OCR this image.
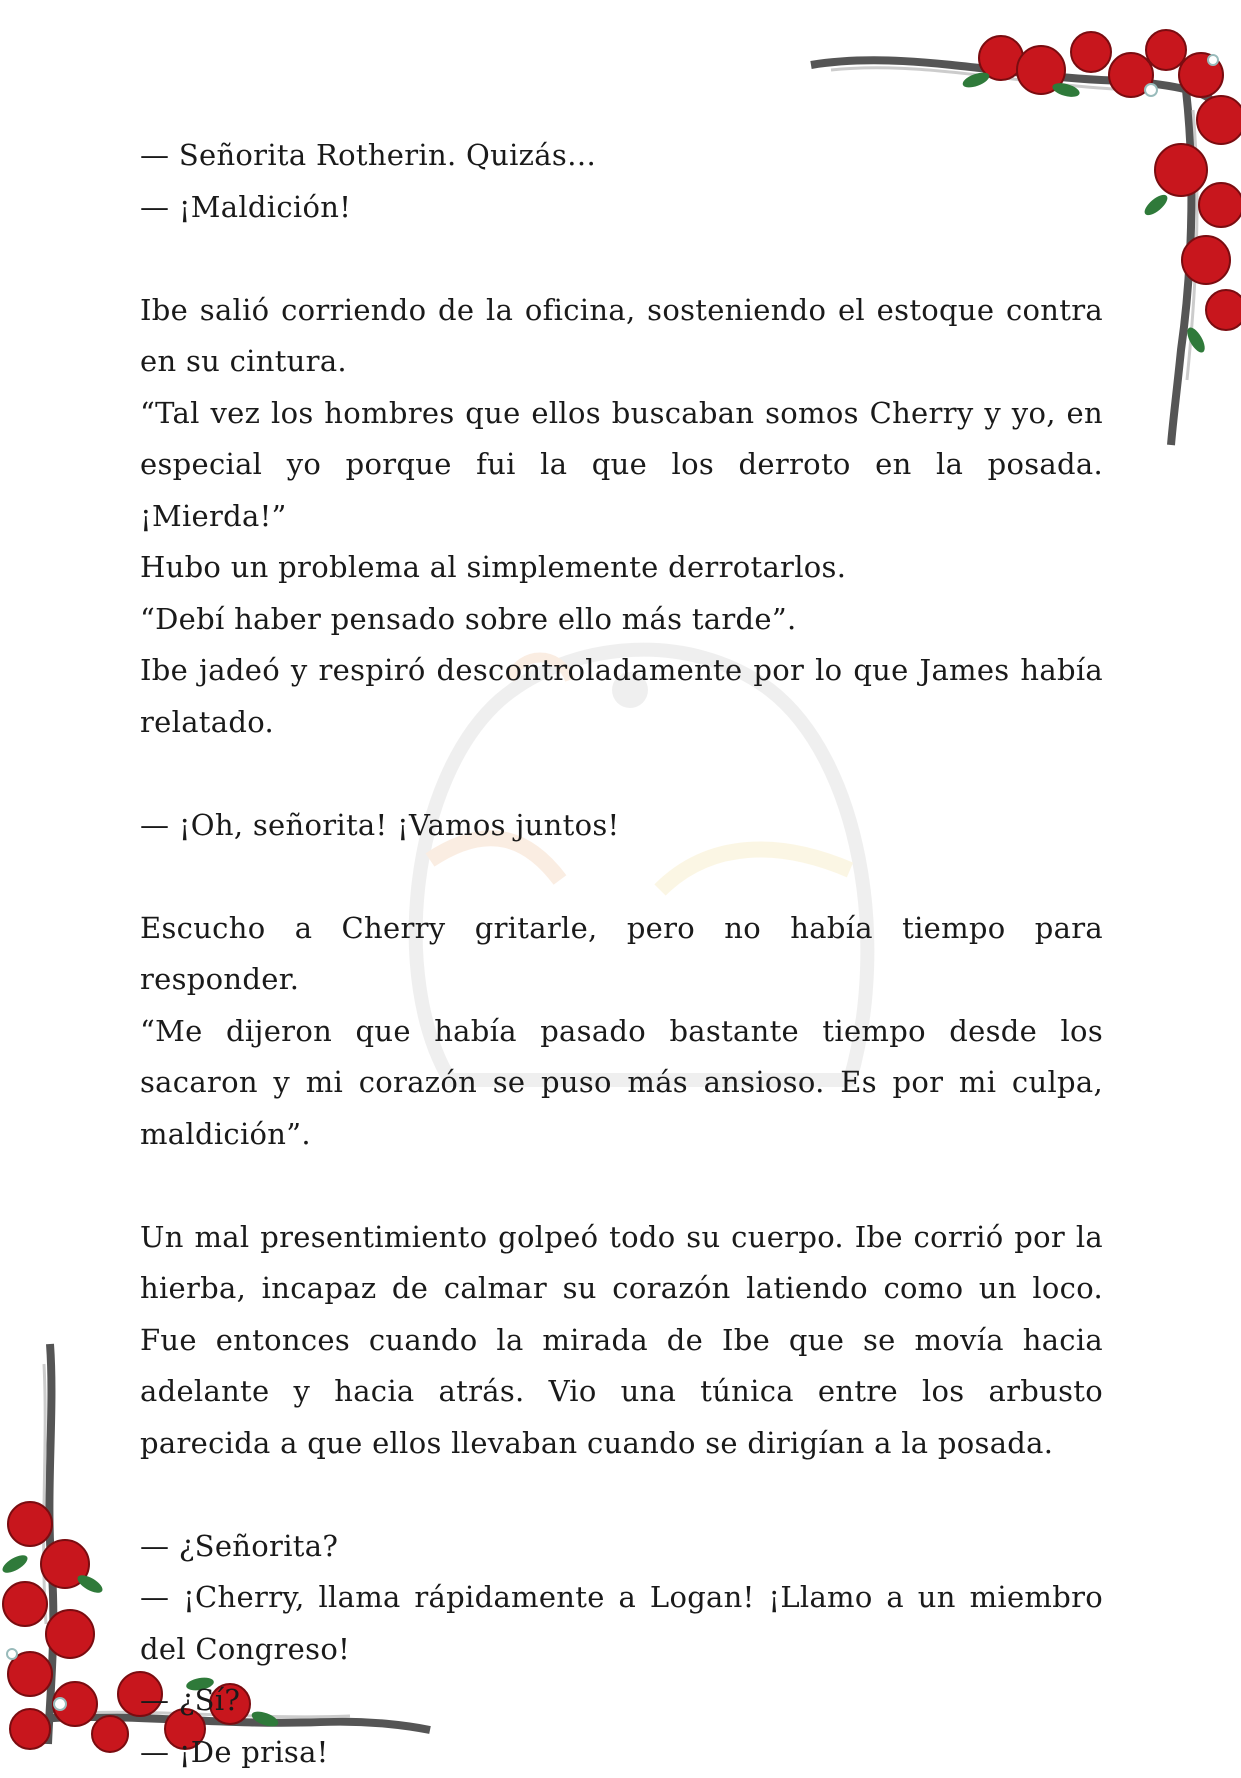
— Señorita Rotherin. Quizás…

— ¡Maldición!

Ibe salió corriendo de la oficina, sosteniendo el estoque contra en su cintura.

“Tal vez los hombres que ellos buscaban somos Cherry y yo, en especial yo porque fui la que los derroto en la posada. ¡Mierda!”

Hubo un problema al simplemente derrotarlos.

“Debí haber pensado sobre ello más tarde”.

Ibe jadeó y respiró descontroladamente por lo que James había relatado.

— ¡Oh, señorita! ¡Vamos juntos!

Escucho a Cherry gritarle, pero no había tiempo para responder.

“Me dijeron que había pasado bastante tiempo desde los sacaron y mi corazón se puso más ansioso. Es por mi culpa, maldición”.

Un mal presentimiento golpeó todo su cuerpo. Ibe corrió por la hierba, incapaz de calmar su corazón latiendo como un loco. Fue entonces cuando la mirada de Ibe que se movía hacia adelante y hacia atrás. Vio una túnica entre los arbusto parecida a que ellos llevaban cuando se dirigían a la posada.

— ¿Señorita?

— ¡Cherry, llama rápidamente a Logan! ¡Llamo a un miembro del Congreso!

— ¿Sí?

— ¡De prisa!
